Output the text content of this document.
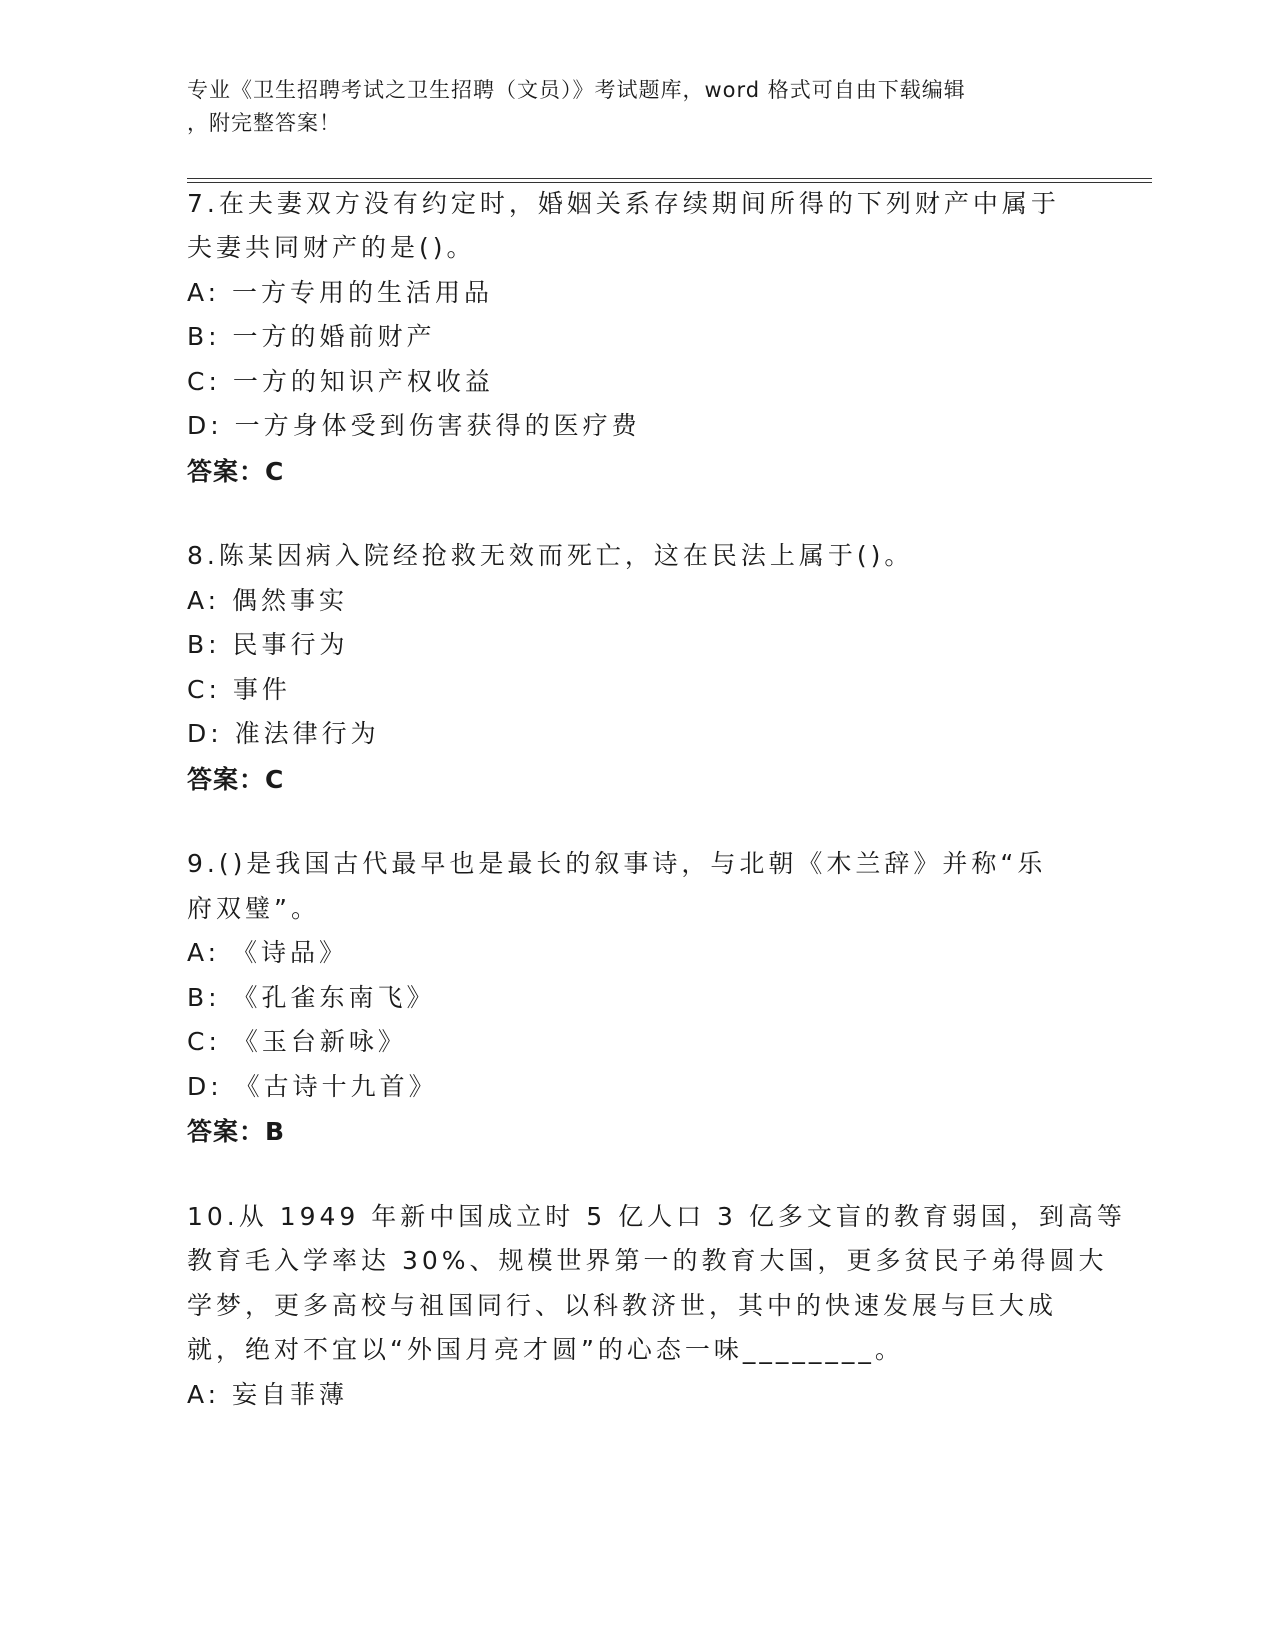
专业《卫生招聘考试之卫生招聘（文员）》考试题库，word 格式可自由下载编辑
，附完整答案！
7.在夫妻双方没有约定时，婚姻关系存续期间所得的下列财产中属于
夫妻共同财产的是()。
A: 一方专用的生活用品
B: 一方的婚前财产
C: 一方的知识产权收益
D: 一方身体受到伤害获得的医疗费
答案：C
8.陈某因病入院经抢救无效而死亡，这在民法上属于()。
A: 偶然事实
B: 民事行为
C: 事件
D: 准法律行为
答案：C
9.()是我国古代最早也是最长的叙事诗，与北朝《木兰辞》并称“乐
府双璧”。
A: 《诗品》
B: 《孔雀东南飞》
C: 《玉台新咏》
D: 《古诗十九首》
答案：B
10.从 1949 年新中国成立时 5 亿人口 3 亿多文盲的教育弱国，到高等
教育毛入学率达 30%、规模世界第一的教育大国，更多贫民子弟得圆大
学梦，更多高校与祖国同行、以科教济世，其中的快速发展与巨大成
就，绝对不宜以“外国月亮才圆”的心态一味________。
A: 妄自菲薄
